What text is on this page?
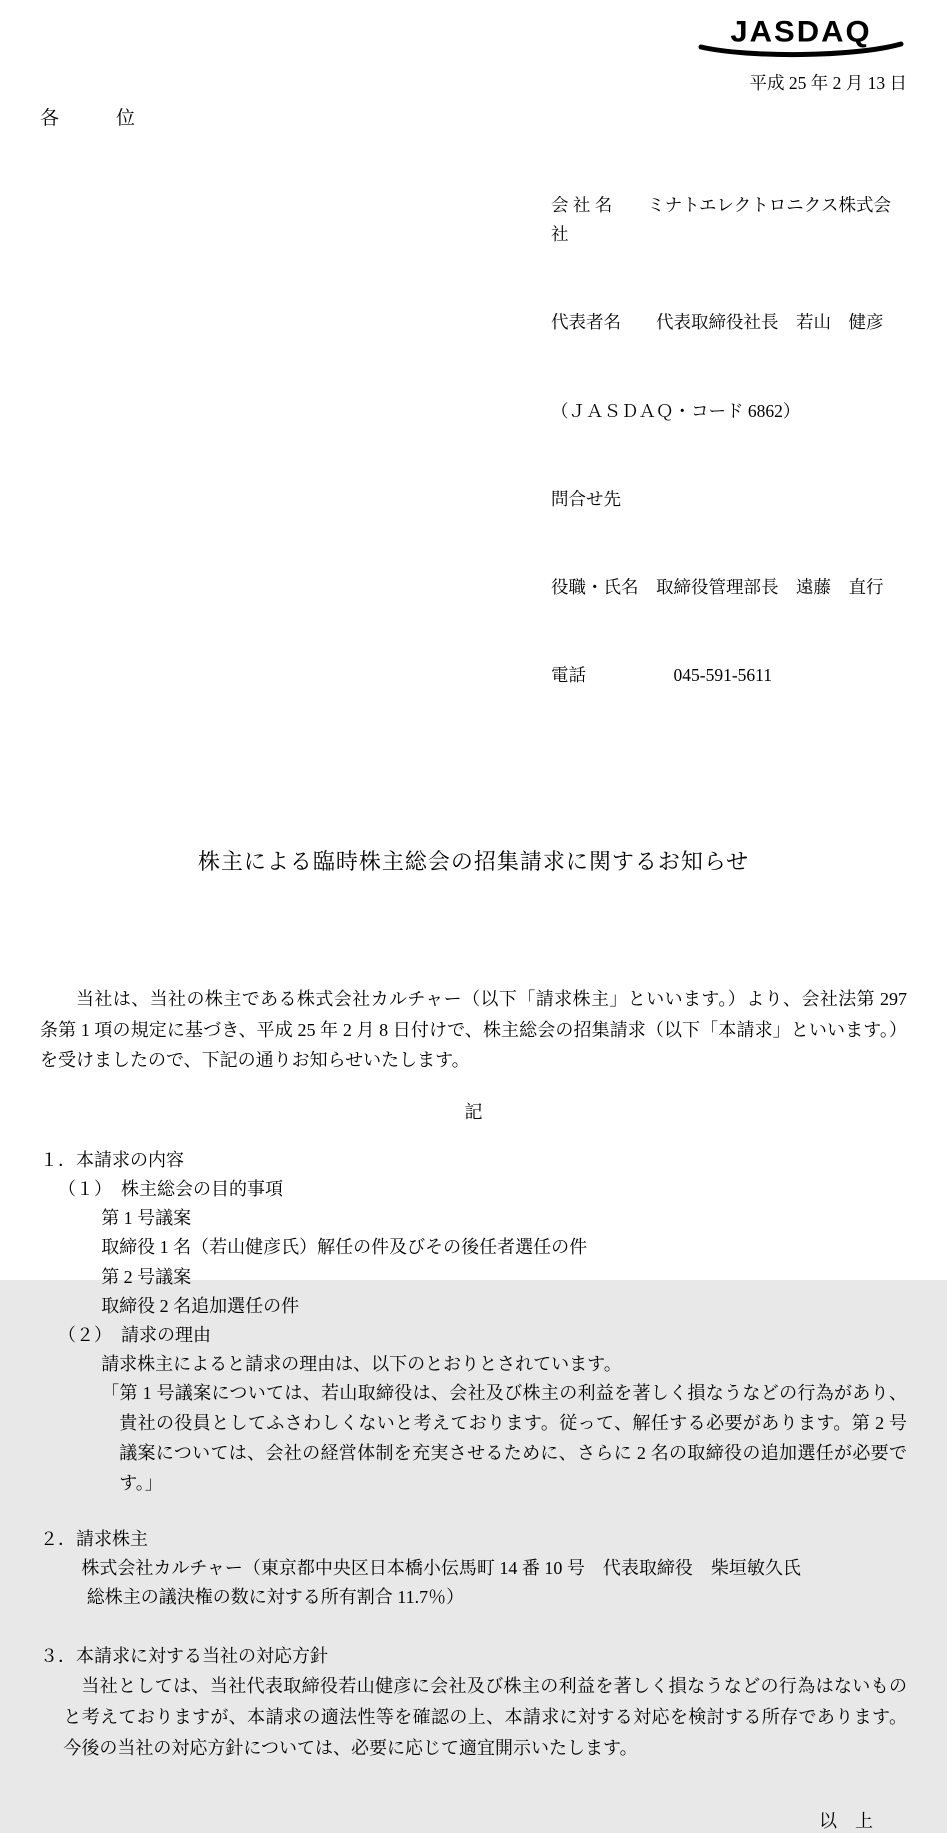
JASDAQ
平成 25 年 2 月 13 日
各　　　位

会 社 名　　ミナトエレクトロニクス株式会社

代表者名　　代表取締役社長　若山　健彦

（ＪＡＳＤＡＱ・コード 6862）

問合せ先

役職・氏名　取締役管理部長　遠藤　直行

電話　　　　　045-591-5611

株主による臨時株主総会の招集請求に関するお知らせ

当社は、当社の株主である株式会社カルチャー（以下「請求株主」といいます。）より、会社法第 297 条第 1 項の規定に基づき、平成 25 年 2 月 8 日付けで、株主総会の招集請求（以下「本請求」といいます。）を受けましたので、下記の通りお知らせいたします。

記
１．本請求の内容
（１）　株主総会の目的事項
第 1 号議案
取締役 1 名（若山健彦氏）解任の件及びその後任者選任の件
第 2 号議案
取締役 2 名追加選任の件
（２）　請求の理由
請求株主によると請求の理由は、以下のとおりとされています。
「第 1 号議案については、若山取締役は、会社及び株主の利益を著しく損なうなどの行為があり、貴社の役員としてふさわしくないと考えております。従って、解任する必要があります。第 2 号議案については、会社の経営体制を充実させるために、さらに 2 名の取締役の追加選任が必要です。」
２．請求株主
株式会社カルチャー（東京都中央区日本橋小伝馬町 14 番 10 号　代表取締役　柴垣敏久氏
総株主の議決権の数に対する所有割合 11.7％）
３．本請求に対する当社の対応方針
当社としては、当社代表取締役若山健彦に会社及び株主の利益を著しく損なうなどの行為はないものと考えておりますが、本請求の適法性等を確認の上、本請求に対する対応を検討する所存であります。今後の当社の対応方針については、必要に応じて適宜開示いたします。
以　上
